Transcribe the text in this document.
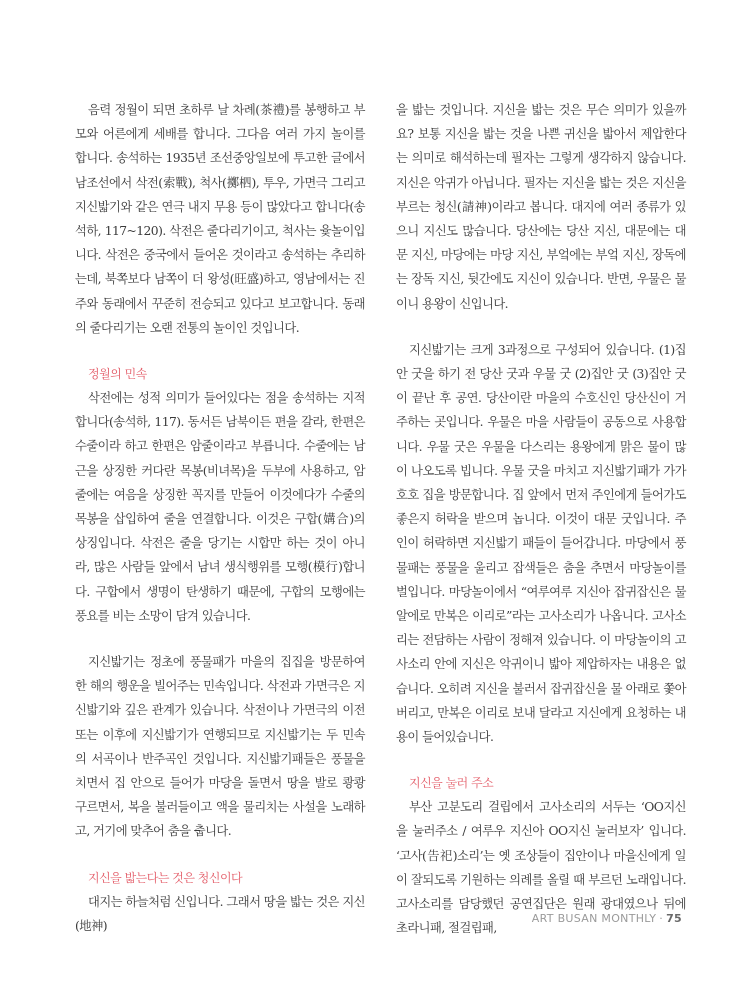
음력 정월이 되면 초하루 날 차례(茶禮)를 봉행하고 부모와 어른에게 세배를 합니다. 그다음 여러 가지 놀이를 합니다. 송석하는 1935년 조선중앙일보에 투고한 글에서 남조선에서 삭전(索戰), 척사(擲柶), 투우, 가면극 그리고 지신밟기와 같은 연극 내지 무용 등이 많았다고 합니다(송석하, 117~120). 삭전은 줄다리기이고, 척사는 윷놀이입니다. 삭전은 중국에서 들어온 것이라고 송석하는 추리하는데, 북쪽보다 남쪽이 더 왕성(旺盛)하고, 영남에서는 진주와 동래에서 꾸준히 전승되고 있다고 보고합니다. 동래의 줄다리기는 오랜 전통의 놀이인 것입니다.

정월의 민속

삭전에는 성적 의미가 들어있다는 점을 송석하는 지적합니다(송석하, 117). 동서든 남북이든 편을 갈라, 한편은 수줄이라 하고 한편은 암줄이라고 부릅니다. 수줄에는 남근을 상징한 커다란 목봉(비녀목)을 두부에 사용하고, 암줄에는 여음을 상징한 꼭지를 만들어 이것에다가 수줄의 목봉을 삽입하여 줄을 연결합니다. 이것은 구합(媾合)의 상징입니다. 삭전은 줄을 당기는 시합만 하는 것이 아니라, 많은 사람들 앞에서 남녀 생식행위를 모행(模行)합니다. 구합에서 생명이 탄생하기 때문에, 구합의 모행에는 풍요를 비는 소망이 담겨 있습니다.

지신밟기는 정초에 풍물패가 마을의 집집을 방문하여 한 해의 행운을 빌어주는 민속입니다. 삭전과 가면극은 지신밟기와 깊은 관계가 있습니다. 삭전이나 가면극의 이전 또는 이후에 지신밟기가 연행되므로 지신밟기는 두 민속의 서곡이나 반주곡인 것입니다. 지신밟기패들은 풍물을 치면서 집 안으로 들어가 마당을 돌면서 땅을 발로 쾅쾅 구르면서, 복을 불러들이고 액을 물리치는 사설을 노래하고, 거기에 맞추어 춤을 춥니다.

지신을 밟는다는 것은 청신이다

대지는 하늘처럼 신입니다. 그래서 땅을 밟는 것은 지신(地神)

을 밟는 것입니다. 지신을 밟는 것은 무슨 의미가 있을까요? 보통 지신을 밟는 것을 나쁜 귀신을 밟아서 제압한다는 의미로 해석하는데 필자는 그렇게 생각하지 않습니다. 지신은 악귀가 아닙니다. 필자는 지신을 밟는 것은 지신을 부르는 청신(請神)이라고 봅니다. 대지에 여러 종류가 있으니 지신도 많습니다. 당산에는 당산 지신, 대문에는 대문 지신, 마당에는 마당 지신, 부엌에는 부엌 지신, 장독에는 장독 지신, 뒷간에도 지신이 있습니다. 반면, 우물은 물이니 용왕이 신입니다.

지신밟기는 크게 3과정으로 구성되어 있습니다. (1)집안 굿을 하기 전 당산 굿과 우물 굿 (2)집안 굿 (3)집안 굿이 끝난 후 공연. 당산이란 마을의 수호신인 당산신이 거주하는 곳입니다. 우물은 마을 사람들이 공동으로 사용합니다. 우물 굿은 우물을 다스리는 용왕에게 맑은 물이 많이 나오도록 빕니다. 우물 굿을 마치고 지신밟기패가 가가호호 집을 방문합니다. 집 앞에서 먼저 주인에게 들어가도 좋은지 허락을 받으며 놉니다. 이것이 대문 굿입니다. 주인이 허락하면 지신밟기 패들이 들어갑니다. 마당에서 풍물패는 풍물을 울리고 잡색들은 춤을 추면서 마당놀이를 벌입니다. 마당놀이에서 “여루여루 지신아 잡귀잡신은 물알에로 만복은 이리로”라는 고사소리가 나옵니다. 고사소리는 전담하는 사람이 정해져 있습니다. 이 마당놀이의 고사소리 안에 지신은 악귀이니 밟아 제압하자는 내용은 없습니다. 오히려 지신을 불러서 잡귀잡신을 물 아래로 쫓아버리고, 만복은 이리로 보내 달라고 지신에게 요청하는 내용이 들어있습니다.

지신을 눌러 주소

부산 고분도리 걸립에서 고사소리의 서두는 ‘OO지신을 눌러주소 / 여루우 지신아 OO지신 눌러보자’ 입니다. ‘고사(告祀)소리’는 옛 조상들이 집안이나 마을신에게 일이 잘되도록 기원하는 의례를 올릴 때 부르던 노래입니다. 고사소리를 담당했던 공연집단은 원래 광대였으나 뒤에 초라니패, 절걸립패,

ART BUSAN MONTHLY · 75
